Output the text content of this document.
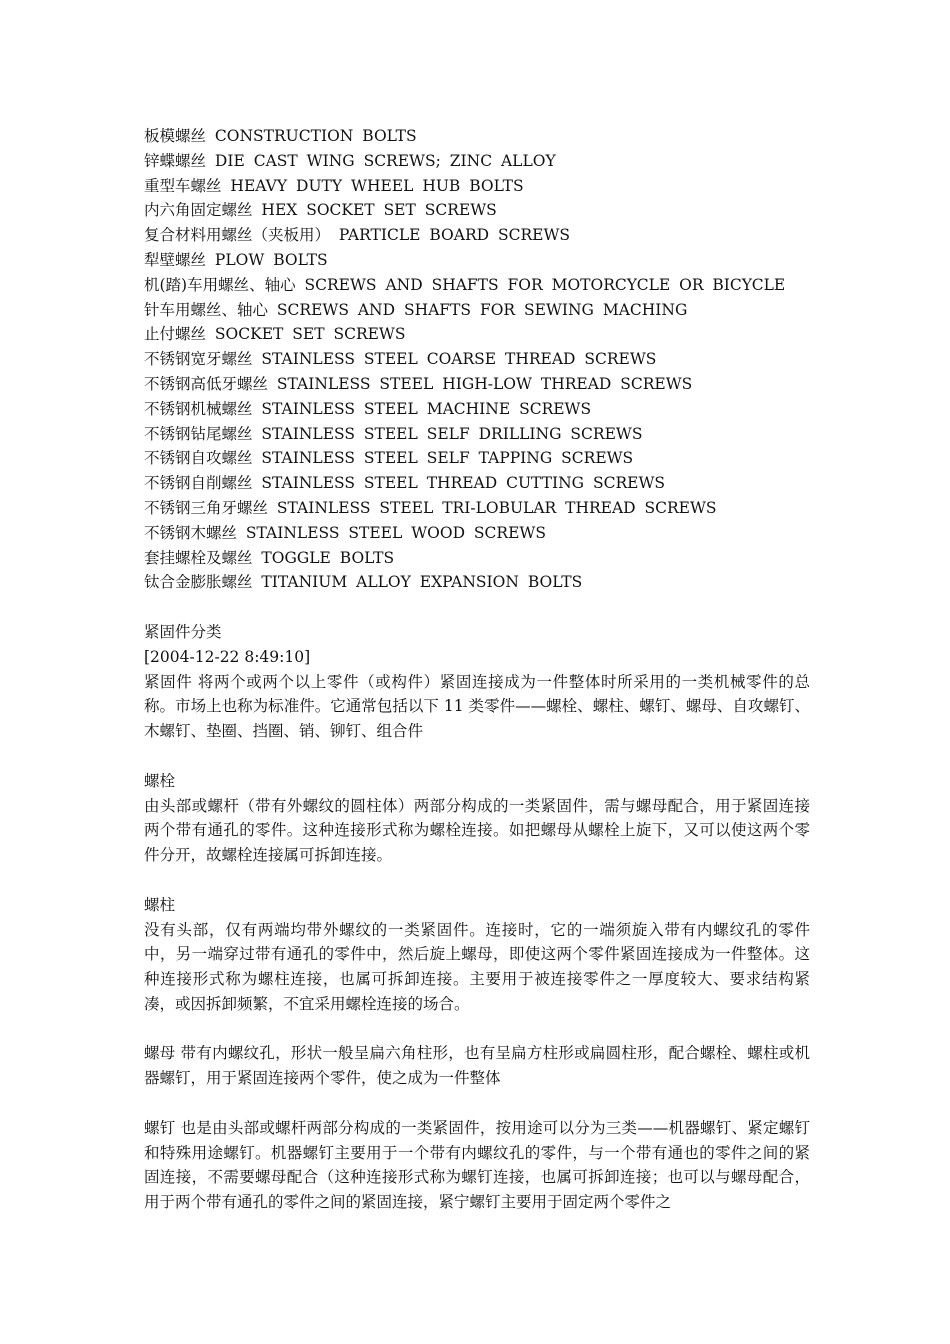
板模螺丝 CONSTRUCTION BOLTS
锌蝶螺丝 DIE CAST WING SCREWS; ZINC ALLOY
重型车螺丝 HEAVY DUTY WHEEL HUB BOLTS
内六角固定螺丝 HEX SOCKET SET SCREWS
复合材料用螺丝（夹板用） PARTICLE BOARD SCREWS
犁壁螺丝 PLOW BOLTS
机(踏)车用螺丝、轴心 SCREWS AND SHAFTS FOR MOTORCYCLE OR BICYCLE
针车用螺丝、轴心 SCREWS AND SHAFTS FOR SEWING MACHING
止付螺丝 SOCKET SET SCREWS
不锈钢宽牙螺丝 STAINLESS STEEL COARSE THREAD SCREWS
不锈钢高低牙螺丝 STAINLESS STEEL HIGH-LOW THREAD SCREWS
不锈钢机械螺丝 STAINLESS STEEL MACHINE SCREWS
不锈钢钻尾螺丝 STAINLESS STEEL SELF DRILLING SCREWS
不锈钢自攻螺丝 STAINLESS STEEL SELF TAPPING SCREWS
不锈钢自削螺丝 STAINLESS STEEL THREAD CUTTING SCREWS
不锈钢三角牙螺丝 STAINLESS STEEL TRI-LOBULAR THREAD SCREWS
不锈钢木螺丝 STAINLESS STEEL WOOD SCREWS
套挂螺栓及螺丝 TOGGLE BOLTS
钛合金膨胀螺丝 TITANIUM ALLOY EXPANSION BOLTS
紧固件分类
[2004-12-22 8:49:10]

紧固件 将两个或两个以上零件（或构件）紧固连接成为一件整体时所采用的一类机械零件的总称。市场上也称为标准件。它通常包括以下 11 类零件——螺栓、螺柱、螺钉、螺母、自攻螺钉、木螺钉、垫圈、挡圈、销、铆钉、组合件

螺栓

由头部或螺杆（带有外螺纹的圆柱体）两部分构成的一类紧固件，需与螺母配合，用于紧固连接两个带有通孔的零件。这种连接形式称为螺栓连接。如把螺母从螺栓上旋下，又可以使这两个零件分开，故螺栓连接属可拆卸连接。

螺柱

没有头部，仅有两端均带外螺纹的一类紧固件。连接时，它的一端须旋入带有内螺纹孔的零件中，另一端穿过带有通孔的零件中，然后旋上螺母，即使这两个零件紧固连接成为一件整体。这种连接形式称为螺柱连接，也属可拆卸连接。主要用于被连接零件之一厚度较大、要求结构紧凑，或因拆卸频繁，不宜采用螺栓连接的场合。

螺母 带有内螺纹孔，形状一般呈扁六角柱形，也有呈扁方柱形或扁圆柱形，配合螺栓、螺柱或机器螺钉，用于紧固连接两个零件，使之成为一件整体

螺钉 也是由头部或螺杆两部分构成的一类紧固件，按用途可以分为三类——机器螺钉、紧定螺钉和特殊用途螺钉。机器螺钉主要用于一个带有内螺纹孔的零件，与一个带有通也的零件之间的紧固连接，不需要螺母配合（这种连接形式称为螺钉连接，也属可拆卸连接；也可以与螺母配合，用于两个带有通孔的零件之间的紧固连接，紧宁螺钉主要用于固定两个零件之
